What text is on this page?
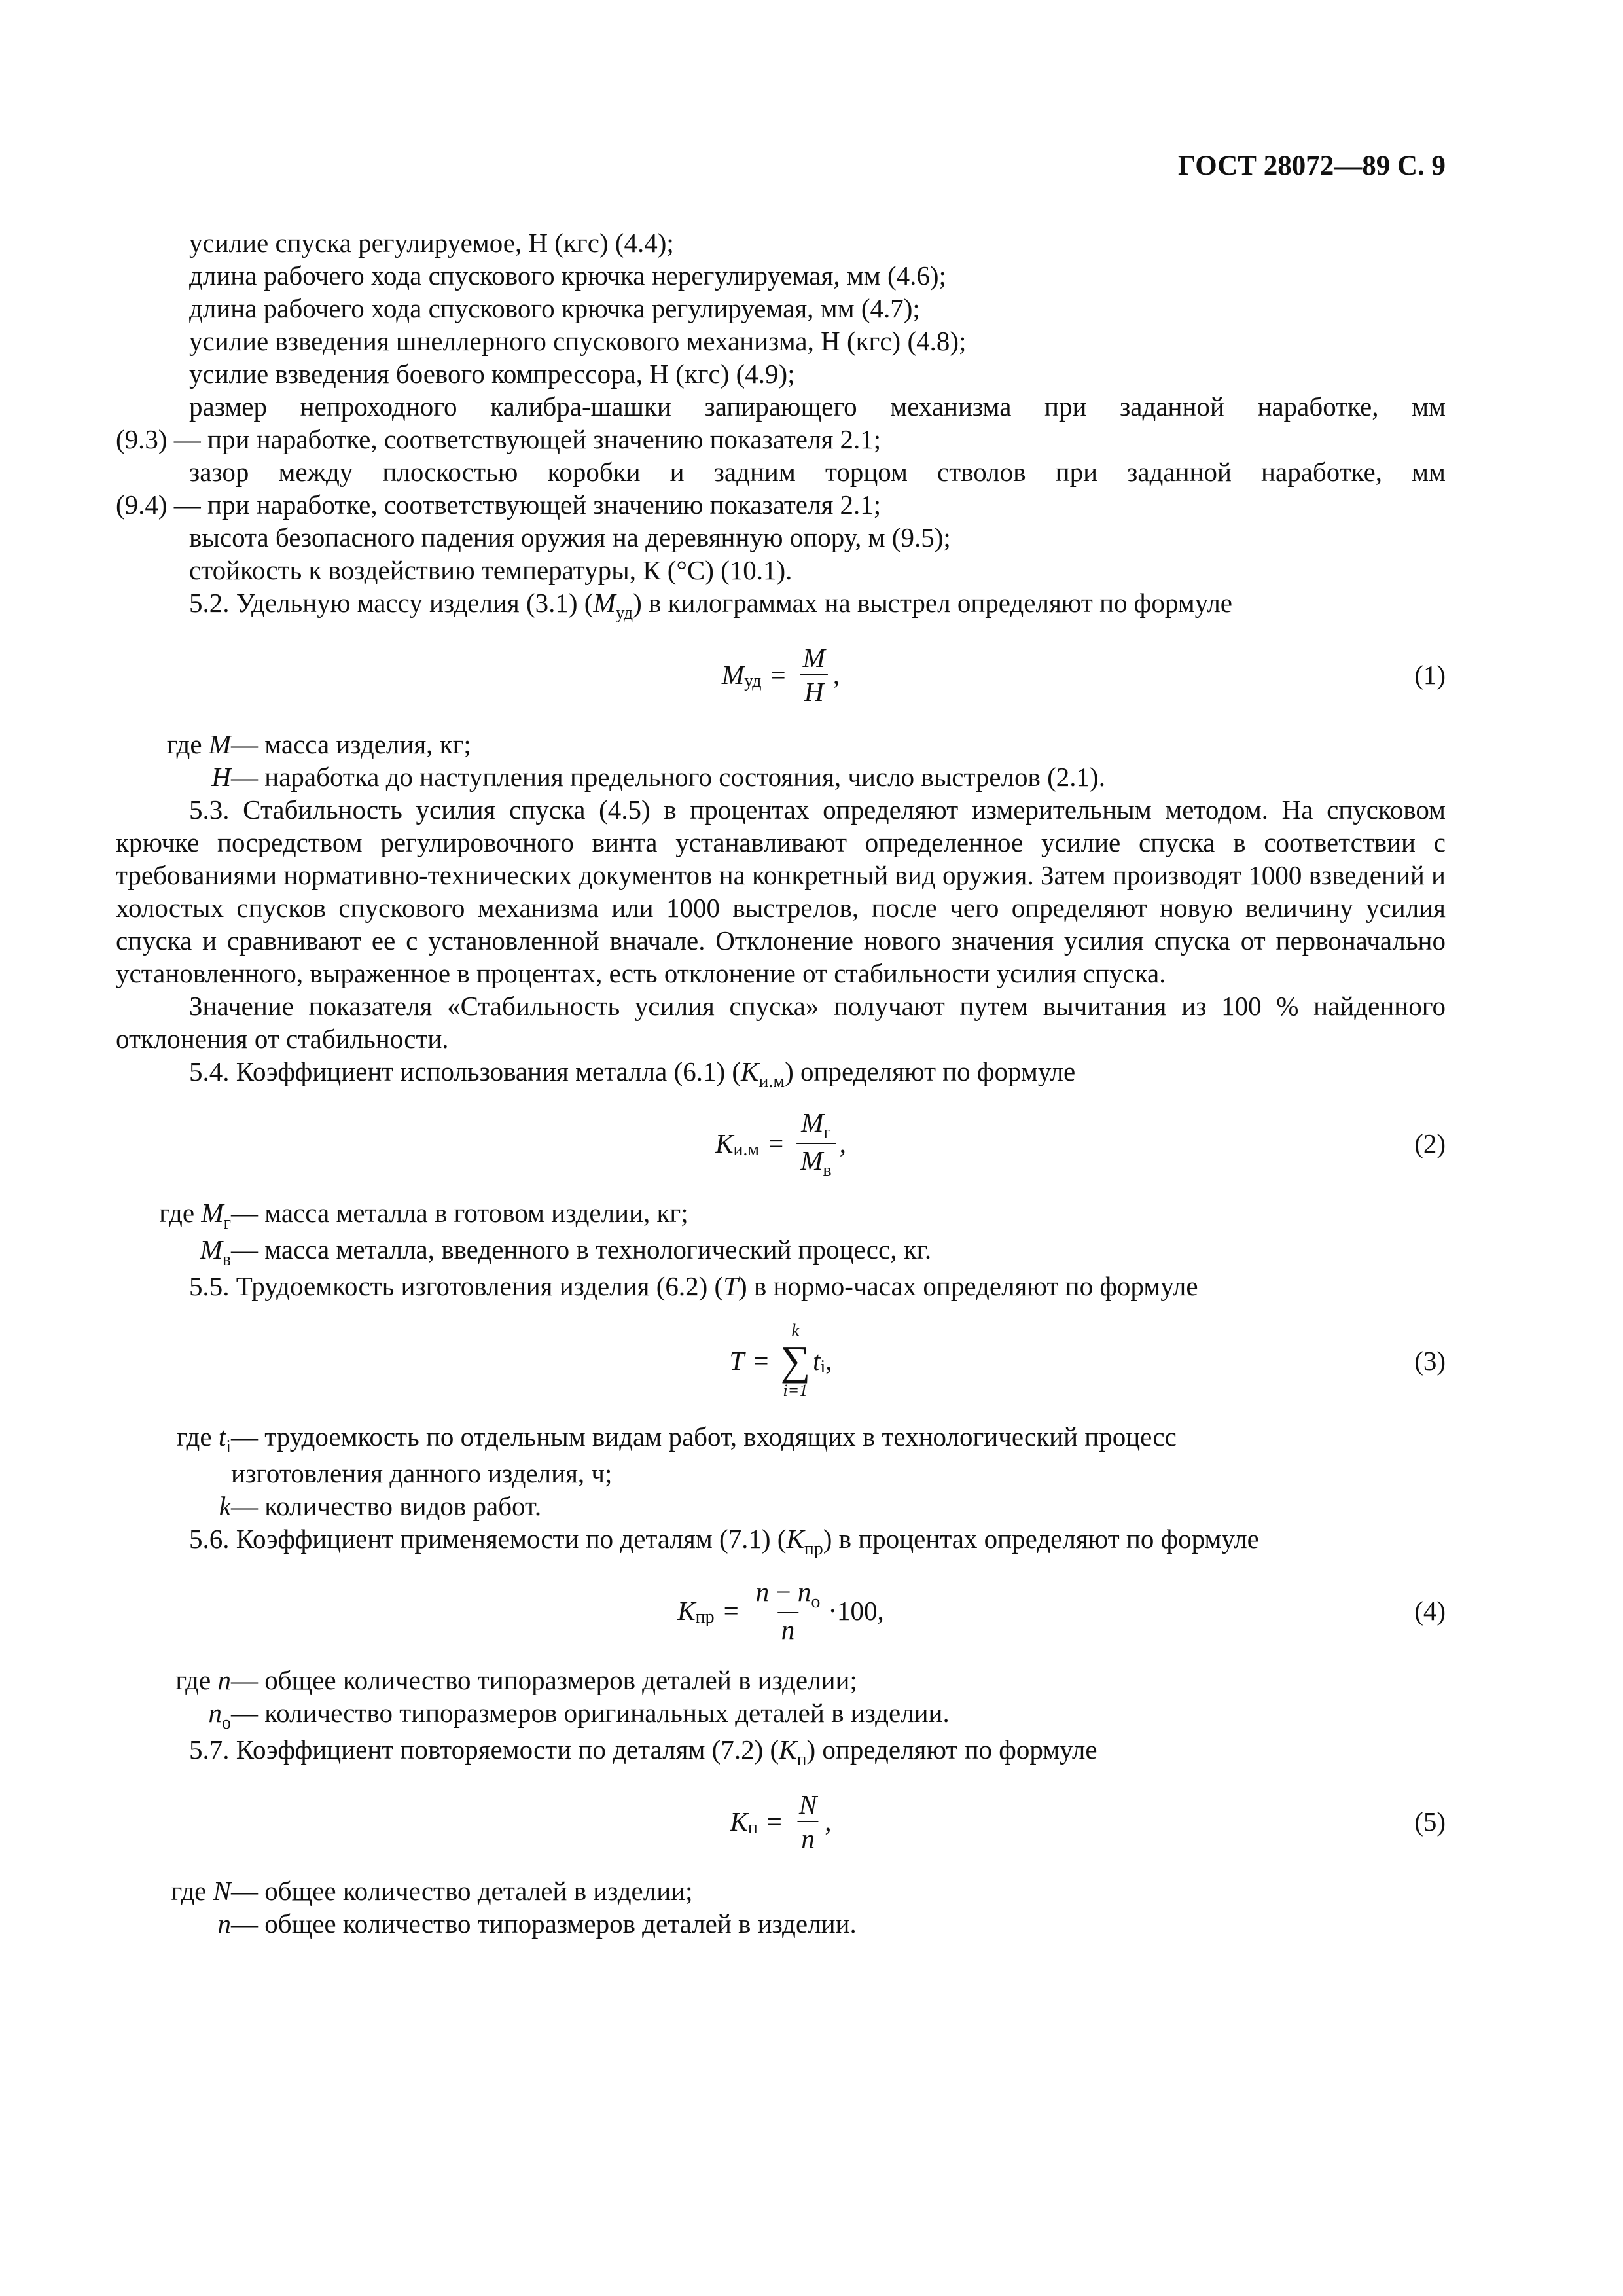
ГОСТ 28072—89 С. 9
усилие спуска регулируемое, Н (кгс) (4.4);
длина рабочего хода спускового крючка нерегулируемая, мм (4.6);
длина рабочего хода спускового крючка регулируемая, мм (4.7);
усилие взведения шнеллерного спускового механизма, Н (кгс) (4.8);
усилие взведения боевого компрессора, Н (кгс) (4.9);
размер непроходного калибра-шашки запирающего механизма при заданной наработке, мм
(9.3) — при наработке, соответствующей значению показателя 2.1;
зазор между плоскостью коробки и задним торцом стволов при заданной наработке, мм
(9.4) — при наработке, соответствующей значению показателя 2.1;
высота безопасного падения оружия на деревянную опору, м (9.5);
стойкость к воздействию температуры, К (°С) (10.1).
5.2. Удельную массу изделия (3.1) $(M_{уд})$ в килограммах на выстрел определяют по формуле
M уд = $\frac{M}{H}$ ,	(1)
где M — масса изделия, кг;
H — наработка до наступления предельного состояния, число выстрелов (2.1).
5.3. Стабильность усилия спуска (4.5) в процентах определяют измерительным методом. На спусковом крючке посредством регулировочного винта устанавливают определенное усилие спуска в соответствии с требованиями нормативно-технических документов на конкретный вид оружия. Затем производят 1000 взведений и холостых спусков спускового механизма или 1000 выстрелов, после чего определяют новую величину усилия спуска и сравнивают ее с установленной вначале. Отклонение нового значения усилия спуска от первоначально установленного, выраженное в процентах, есть отклонение от стабильности усилия спуска.
Значение показателя «Стабильность усилия спуска» получают путем вычитания из 100 % найденного отклонения от стабильности.
5.4. Коэффициент использования металла (6.1) $(K_{и.м})$ определяют по формуле
K $и.м = \frac{M_г}{M_в}$ ,	(2)
где $M_г$ — масса металла в готовом изделии, кг;
$M_в$ — масса металла, введенного в технологический процесс, кг.
5.5. Трудоемкость изготовления изделия (6.2) (T) в нормо-часах определяют по формуле
T =
k
∑
i=1
t i ,	(3)
где $t_i$ — трудоемкость по отдельным видам работ, входящих в технологический процесс
изготовления данного изделия, ч;
k — количество видов работ.
5.6. Коэффициент применяемости по деталям (7.1) $(K_{пр})$ в процентах определяют по формуле
K пр = $\frac{n - n_о}{n} \cdot 100$,	(4)
где n — общее количество типоразмеров деталей в изделии;
$n_о$ — количество типоразмеров оригинальных деталей в изделии.
5.7. Коэффициент повторяемости по деталям (7.2) $(K_п)$ определяют по формуле
K $п = \frac{N}{n}$ ,	(5)
где N — общее количество деталей в изделии;
n — общее количество типоразмеров деталей в изделии.
